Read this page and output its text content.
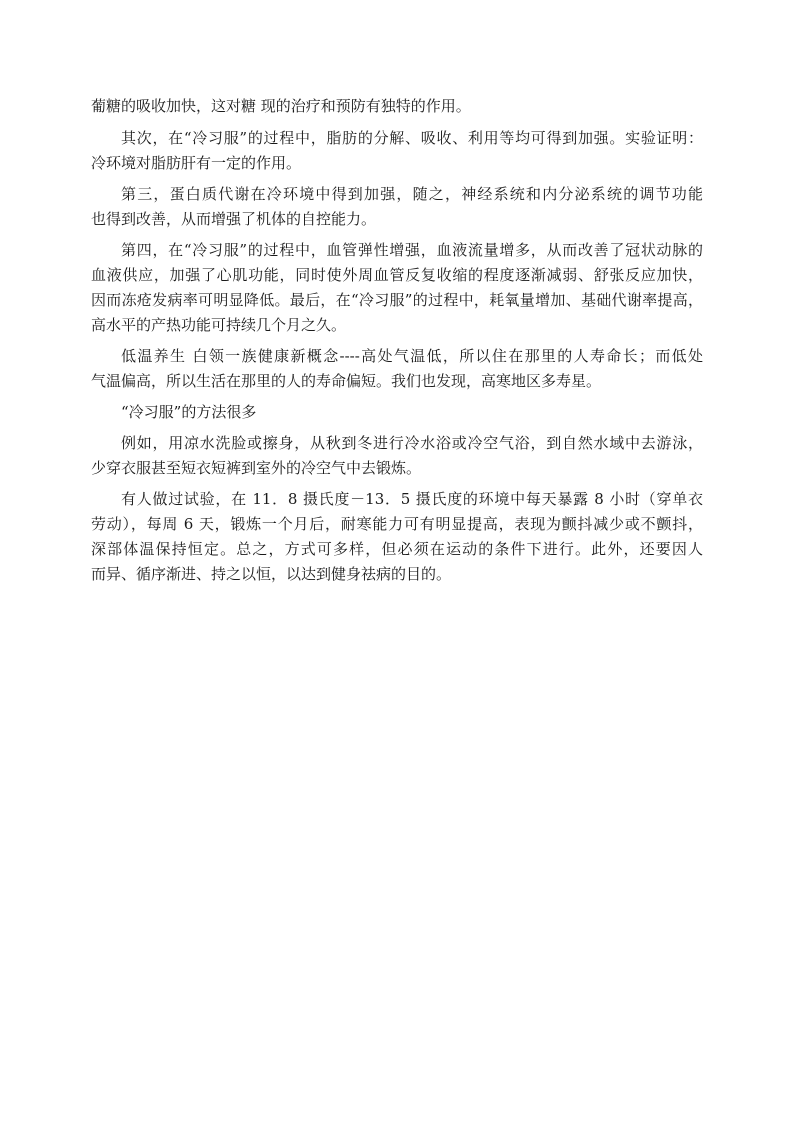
葡糖的吸收加快，这对糖 现的治疗和预防有独特的作用。
其次，在“冷习服”的过程中，脂肪的分解、吸收、利用等均可得到加强。实验证明：
冷环境对脂肪肝有一定的作用。
第三，蛋白质代谢在冷环境中得到加强，随之，神经系统和内分泌系统的调节功能
也得到改善，从而增强了机体的自控能力。
第四，在“冷习服”的过程中，血管弹性增强，血液流量增多，从而改善了冠状动脉的
血液供应，加强了心肌功能，同时使外周血管反复收缩的程度逐渐减弱、舒张反应加快，
因而冻疮发病率可明显降低。最后，在“冷习服”的过程中，耗氧量增加、基础代谢率提高，
高水平的产热功能可持续几个月之久。
低温养生 白领一族健康新概念----高处气温低，所以住在那里的人寿命长；而低处
气温偏高，所以生活在那里的人的寿命偏短。我们也发现，高寒地区多寿星。
“冷习服”的方法很多
例如，用凉水洗脸或擦身，从秋到冬进行冷水浴或冷空气浴，到自然水域中去游泳，
少穿衣服甚至短衣短裤到室外的冷空气中去锻炼。
有人做过试验，在 11．8 摄氏度－13．5 摄氏度的环境中每天暴露 8 小时（穿单衣
劳动），每周 6 天，锻炼一个月后，耐寒能力可有明显提高，表现为颤抖减少或不颤抖，
深部体温保持恒定。总之，方式可多样，但必须在运动的条件下进行。此外，还要因人
而异、循序渐进、持之以恒，以达到健身祛病的目的。
